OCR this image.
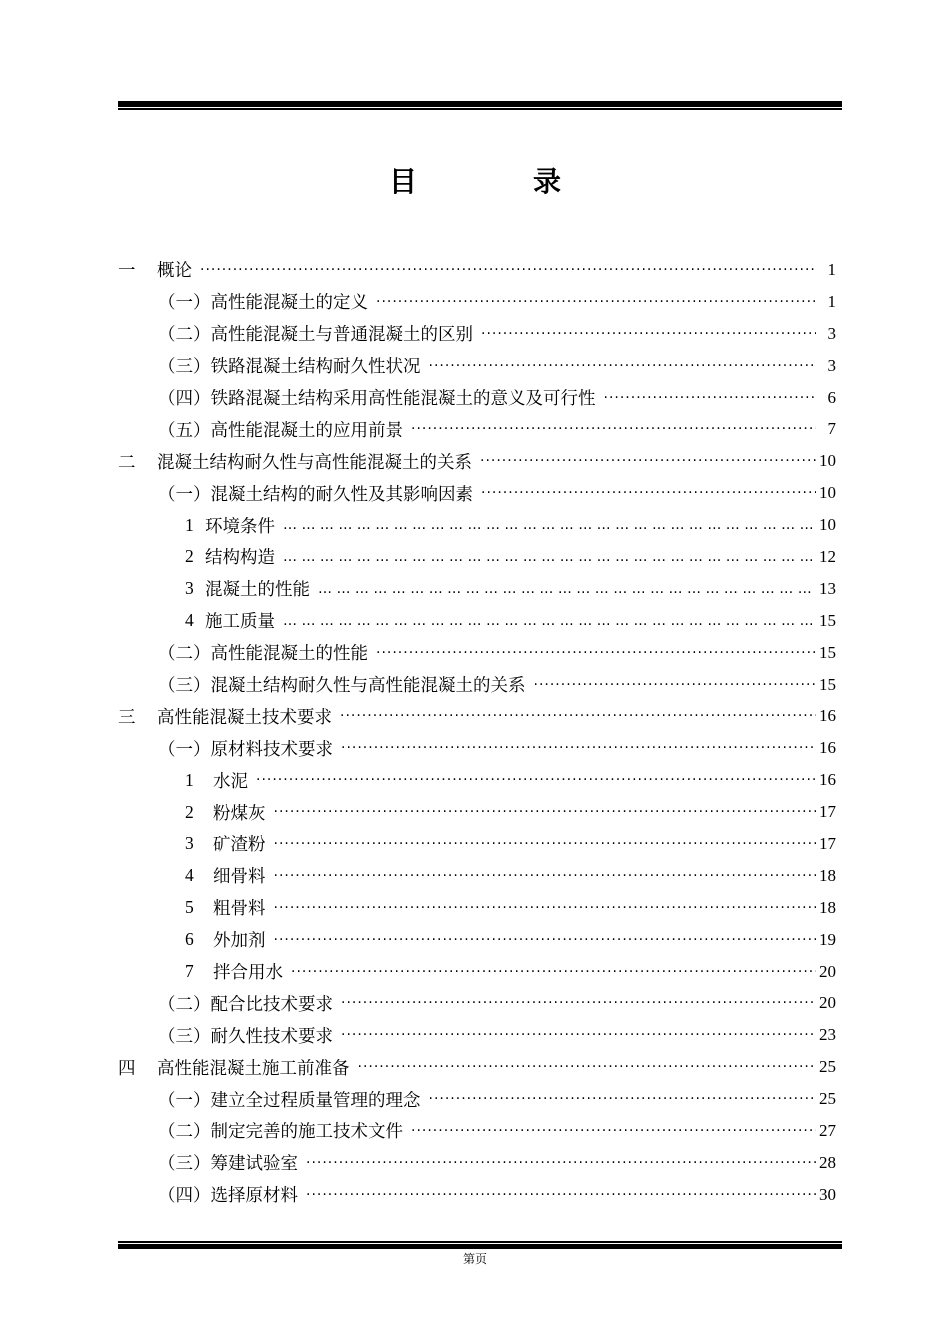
目　录
一	概论 ·····	1
（一） 高性能混凝土的定义 ·····	1
（二） 高性能混凝土与普通混凝土的区别 ·····	3
（三） 铁路混凝土结构耐久性状况 ·····	3
（四） 铁路混凝土结构采用高性能混凝土的意义及可行性 ·····	6
（五） 高性能混凝土的应用前景 ·····	7
二	混凝土结构耐久性与高性能混凝土的关系 ·····	10
（一） 混凝土结构的耐久性及其影响因素 ·····	10
1 环境条件 … … … … … … … … … … … … … … … … … … … … … … … … … … … … … … … … … … … … … … … … … … … … … … … …	10
2 结构构造 … … … … … … … … … … … … … … … … … … … … … … … … … … … … … … … … … … … … … … … … … … … … … … … …	12
3 混凝土的性能 … … … … … … … … … … … … … … … … … … … … … … … … … … … … … … … … … … … … … … … … … … … … … … … …	13
4 施工质量 … … … … … … … … … … … … … … … … … … … … … … … … … … … … … … … … … … … … … … … … … … … … … … … …	15
（二） 高性能混凝土的性能 ·····	15
（三） 混凝土结构耐久性与高性能混凝土的关系 ·····	15
三	高性能混凝土技术要求 ·····	16
（一） 原材料技术要求 ·····	16
1	水泥 ·····	16
2	粉煤灰 ·····	17
3	矿渣粉 ·····	17
4	细骨料 ·····	18
5	粗骨料 ·····	18
6	外加剂 ·····	19
7	拌合用水 ·····	20
（二） 配合比技术要求 ·····	20
（三） 耐久性技术要求 ·····	23
四	高性能混凝土施工前准备 ·····	25
（一） 建立全过程质量管理的理念 ·····	25
（二） 制定完善的施工技术文件 ·····	27
（三） 筹建试验室 ·····	28
（四） 选择原材料 ·····	30
第页
